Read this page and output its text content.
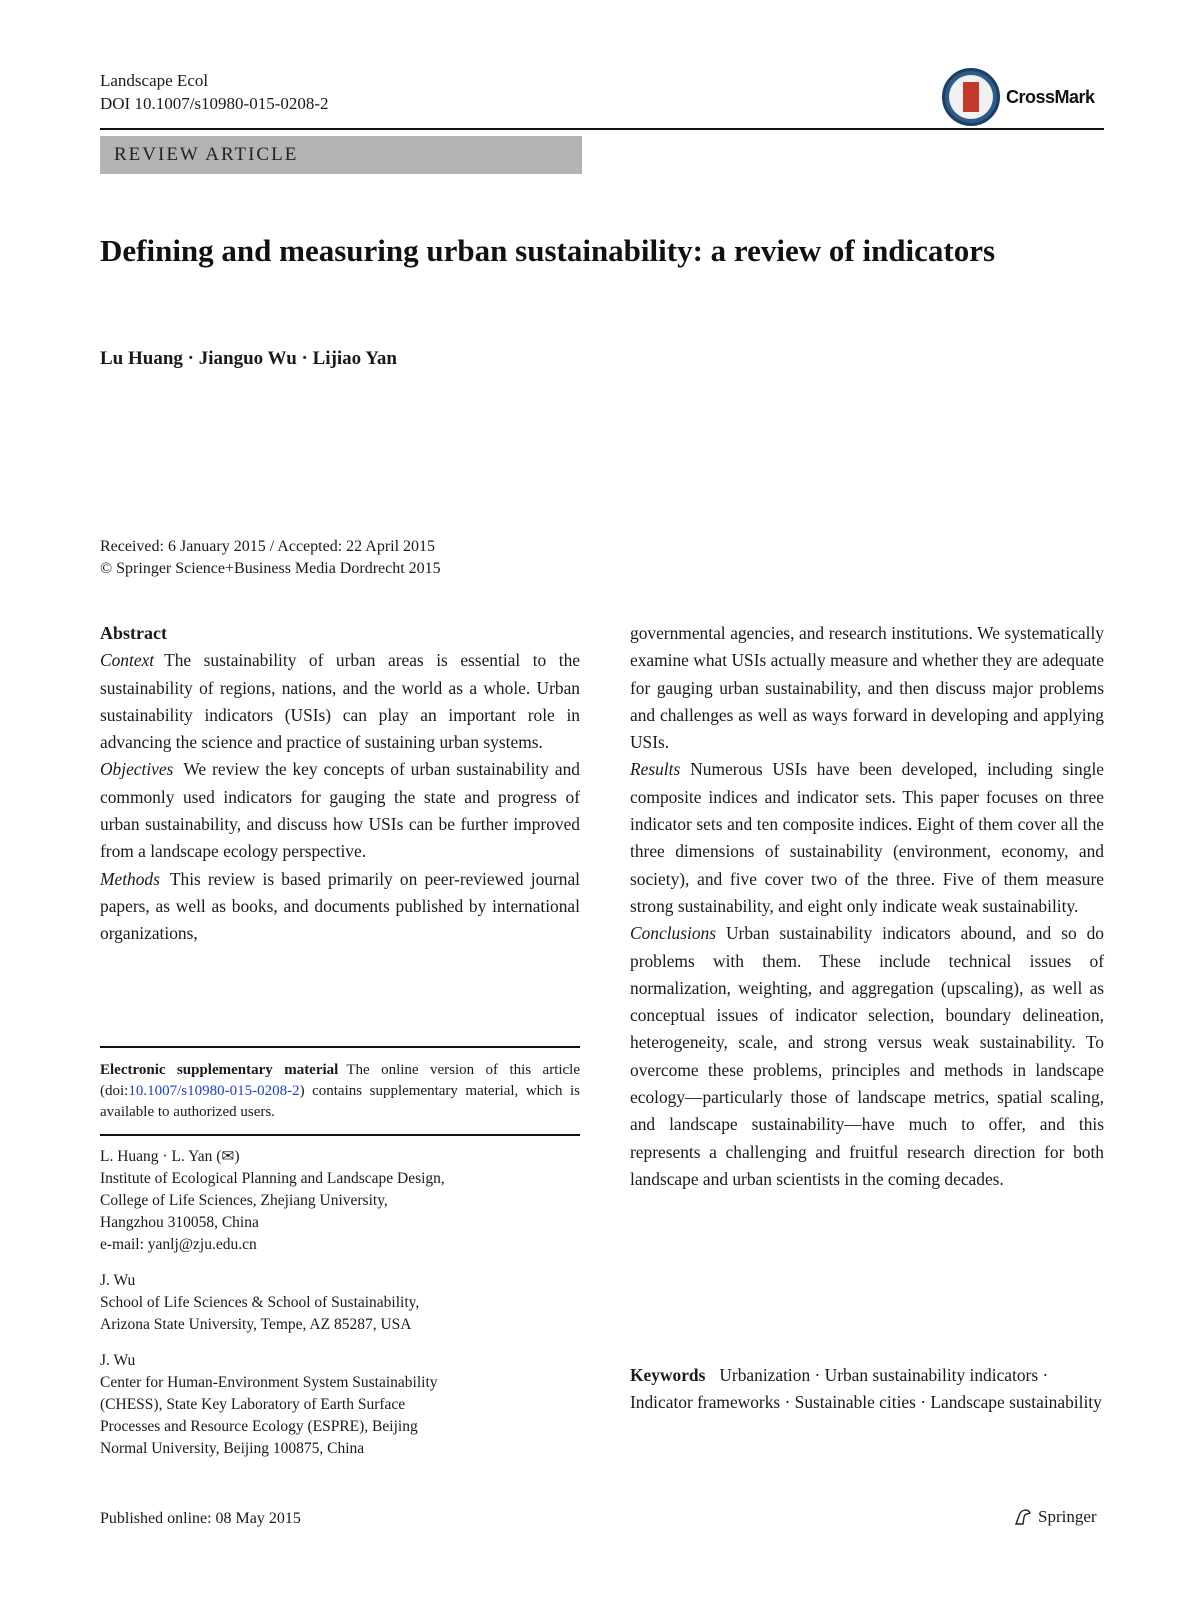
Landscape Ecol
DOI 10.1007/s10980-015-0208-2	CrossMark
REVIEW ARTICLE
Defining and measuring urban sustainability: a review of indicators
Lu Huang · Jianguo Wu · Lijiao Yan
Received: 6 January 2015 / Accepted: 22 April 2015
© Springer Science+Business Media Dordrecht 2015

Abstract

Context The sustainability of urban areas is essential to the sustainability of regions, nations, and the world as a whole. Urban sustainability indicators (USIs) can play an important role in advancing the science and practice of sustaining urban systems.

Objectives We review the key concepts of urban sustainability and commonly used indicators for gauging the state and progress of urban sustainability, and discuss how USIs can be further improved from a landscape ecology perspective.

Methods This review is based primarily on peer-reviewed journal papers, as well as books, and documents published by international organizations,

Electronic supplementary material The online version of this article (doi:10.1007/s10980-015-0208-2) contains supplementary material, which is available to authorized users.

L. Huang · L. Yan (✉)

Institute of Ecological Planning and Landscape Design,

College of Life Sciences, Zhejiang University,

Hangzhou 310058, China

e-mail: yanlj@zju.edu.cn

J. Wu

School of Life Sciences & School of Sustainability,

Arizona State University, Tempe, AZ 85287, USA

J. Wu

Center for Human-Environment System Sustainability

(CHESS), State Key Laboratory of Earth Surface

Processes and Resource Ecology (ESPRE), Beijing

Normal University, Beijing 100875, China

governmental agencies, and research institutions. We systematically examine what USIs actually measure and whether they are adequate for gauging urban sustainability, and then discuss major problems and challenges as well as ways forward in developing and applying USIs.

Results Numerous USIs have been developed, including single composite indices and indicator sets. This paper focuses on three indicator sets and ten composite indices. Eight of them cover all the three dimensions of sustainability (environment, economy, and society), and five cover two of the three. Five of them measure strong sustainability, and eight only indicate weak sustainability.

Conclusions Urban sustainability indicators abound, and so do problems with them. These include technical issues of normalization, weighting, and aggregation (upscaling), as well as conceptual issues of indicator selection, boundary delineation, heterogeneity, scale, and strong versus weak sustainability. To overcome these problems, principles and methods in landscape ecology—particularly those of landscape metrics, spatial scaling, and landscape sustainability—have much to offer, and this represents a challenging and fruitful research direction for both landscape and urban scientists in the coming decades.

Keywords Urbanization · Urban sustainability indicators · Indicator frameworks · Sustainable cities · Landscape sustainability
Published online: 08 May 2015	Springer
